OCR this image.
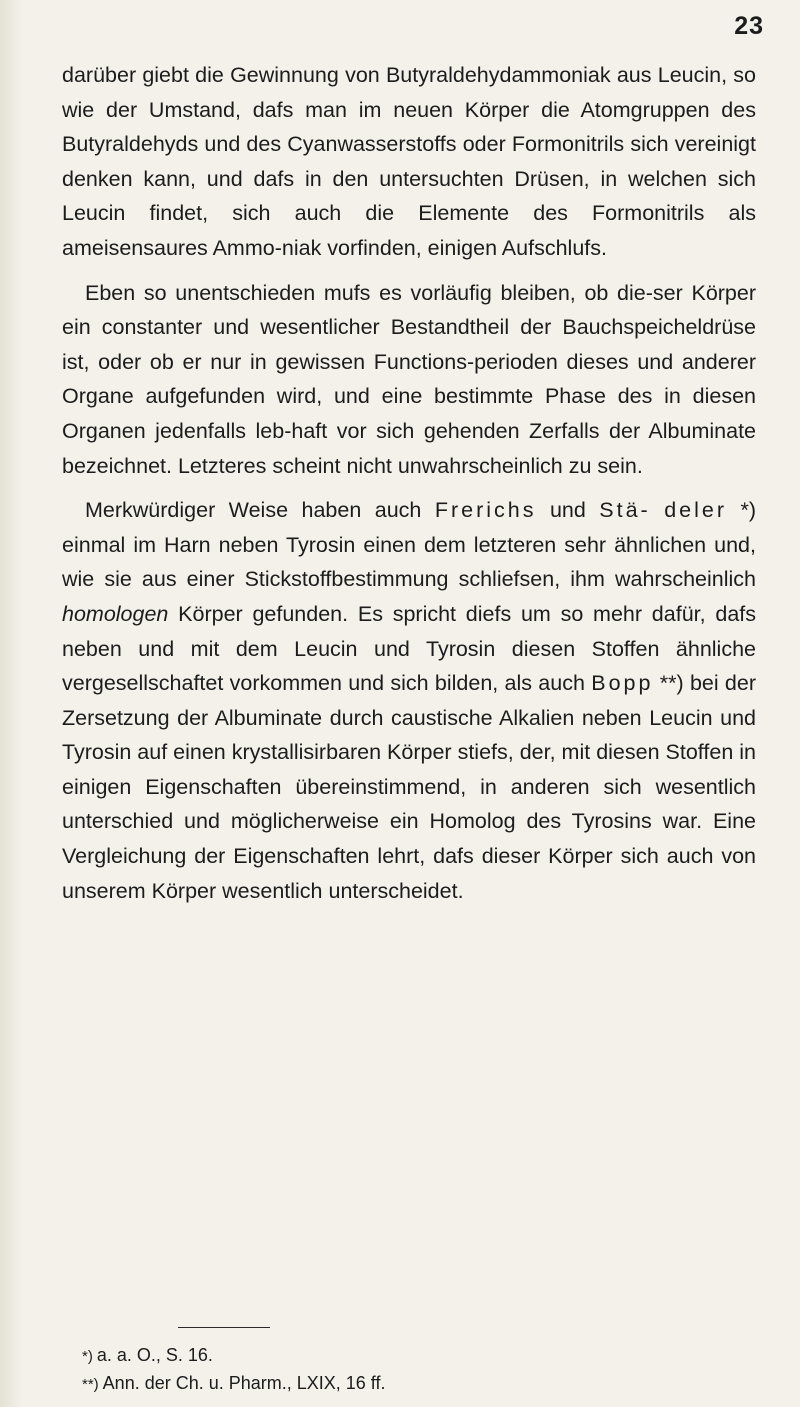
23

darüber giebt die Gewinnung von Butyraldehydammoniak aus Leucin, so wie der Umstand, dafs man im neuen Körper die Atomgruppen des Butyraldehyds und des Cyanwasserstoffs oder Formonitrils sich vereinigt denken kann, und dafs in den untersuchten Drüsen, in welchen sich Leucin findet, sich auch die Elemente des Formonitrils als ameisensaures Ammo-niak vorfinden, einigen Aufschlufs.

Eben so unentschieden mufs es vorläufig bleiben, ob die-ser Körper ein constanter und wesentlicher Bestandtheil der Bauchspeicheldrüse ist, oder ob er nur in gewissen Functions-perioden dieses und anderer Organe aufgefunden wird, und eine bestimmte Phase des in diesen Organen jedenfalls leb-haft vor sich gehenden Zerfalls der Albuminate bezeichnet. Letzteres scheint nicht unwahrscheinlich zu sein.

Merkwürdiger Weise haben auch Frerichs und Stä- deler *) einmal im Harn neben Tyrosin einen dem letzteren sehr ähnlichen und, wie sie aus einer Stickstoffbestimmung schliefsen, ihm wahrscheinlich homologen Körper gefunden. Es spricht diefs um so mehr dafür, dafs neben und mit dem Leucin und Tyrosin diesen Stoffen ähnliche vergesellschaftet vorkommen und sich bilden, als auch Bopp **) bei der Zersetzung der Albuminate durch caustische Alkalien neben Leucin und Tyrosin auf einen krystallisirbaren Körper stiefs, der, mit diesen Stoffen in einigen Eigenschaften übereinstimmend, in anderen sich wesentlich unterschied und möglicherweise ein Homolog des Tyrosins war. Eine Vergleichung der Eigenschaften lehrt, dafs dieser Körper sich auch von unserem Körper wesentlich unterscheidet.

*) a. a. O., S. 16.
**) Ann. der Ch. u. Pharm., LXIX, 16 ff.
